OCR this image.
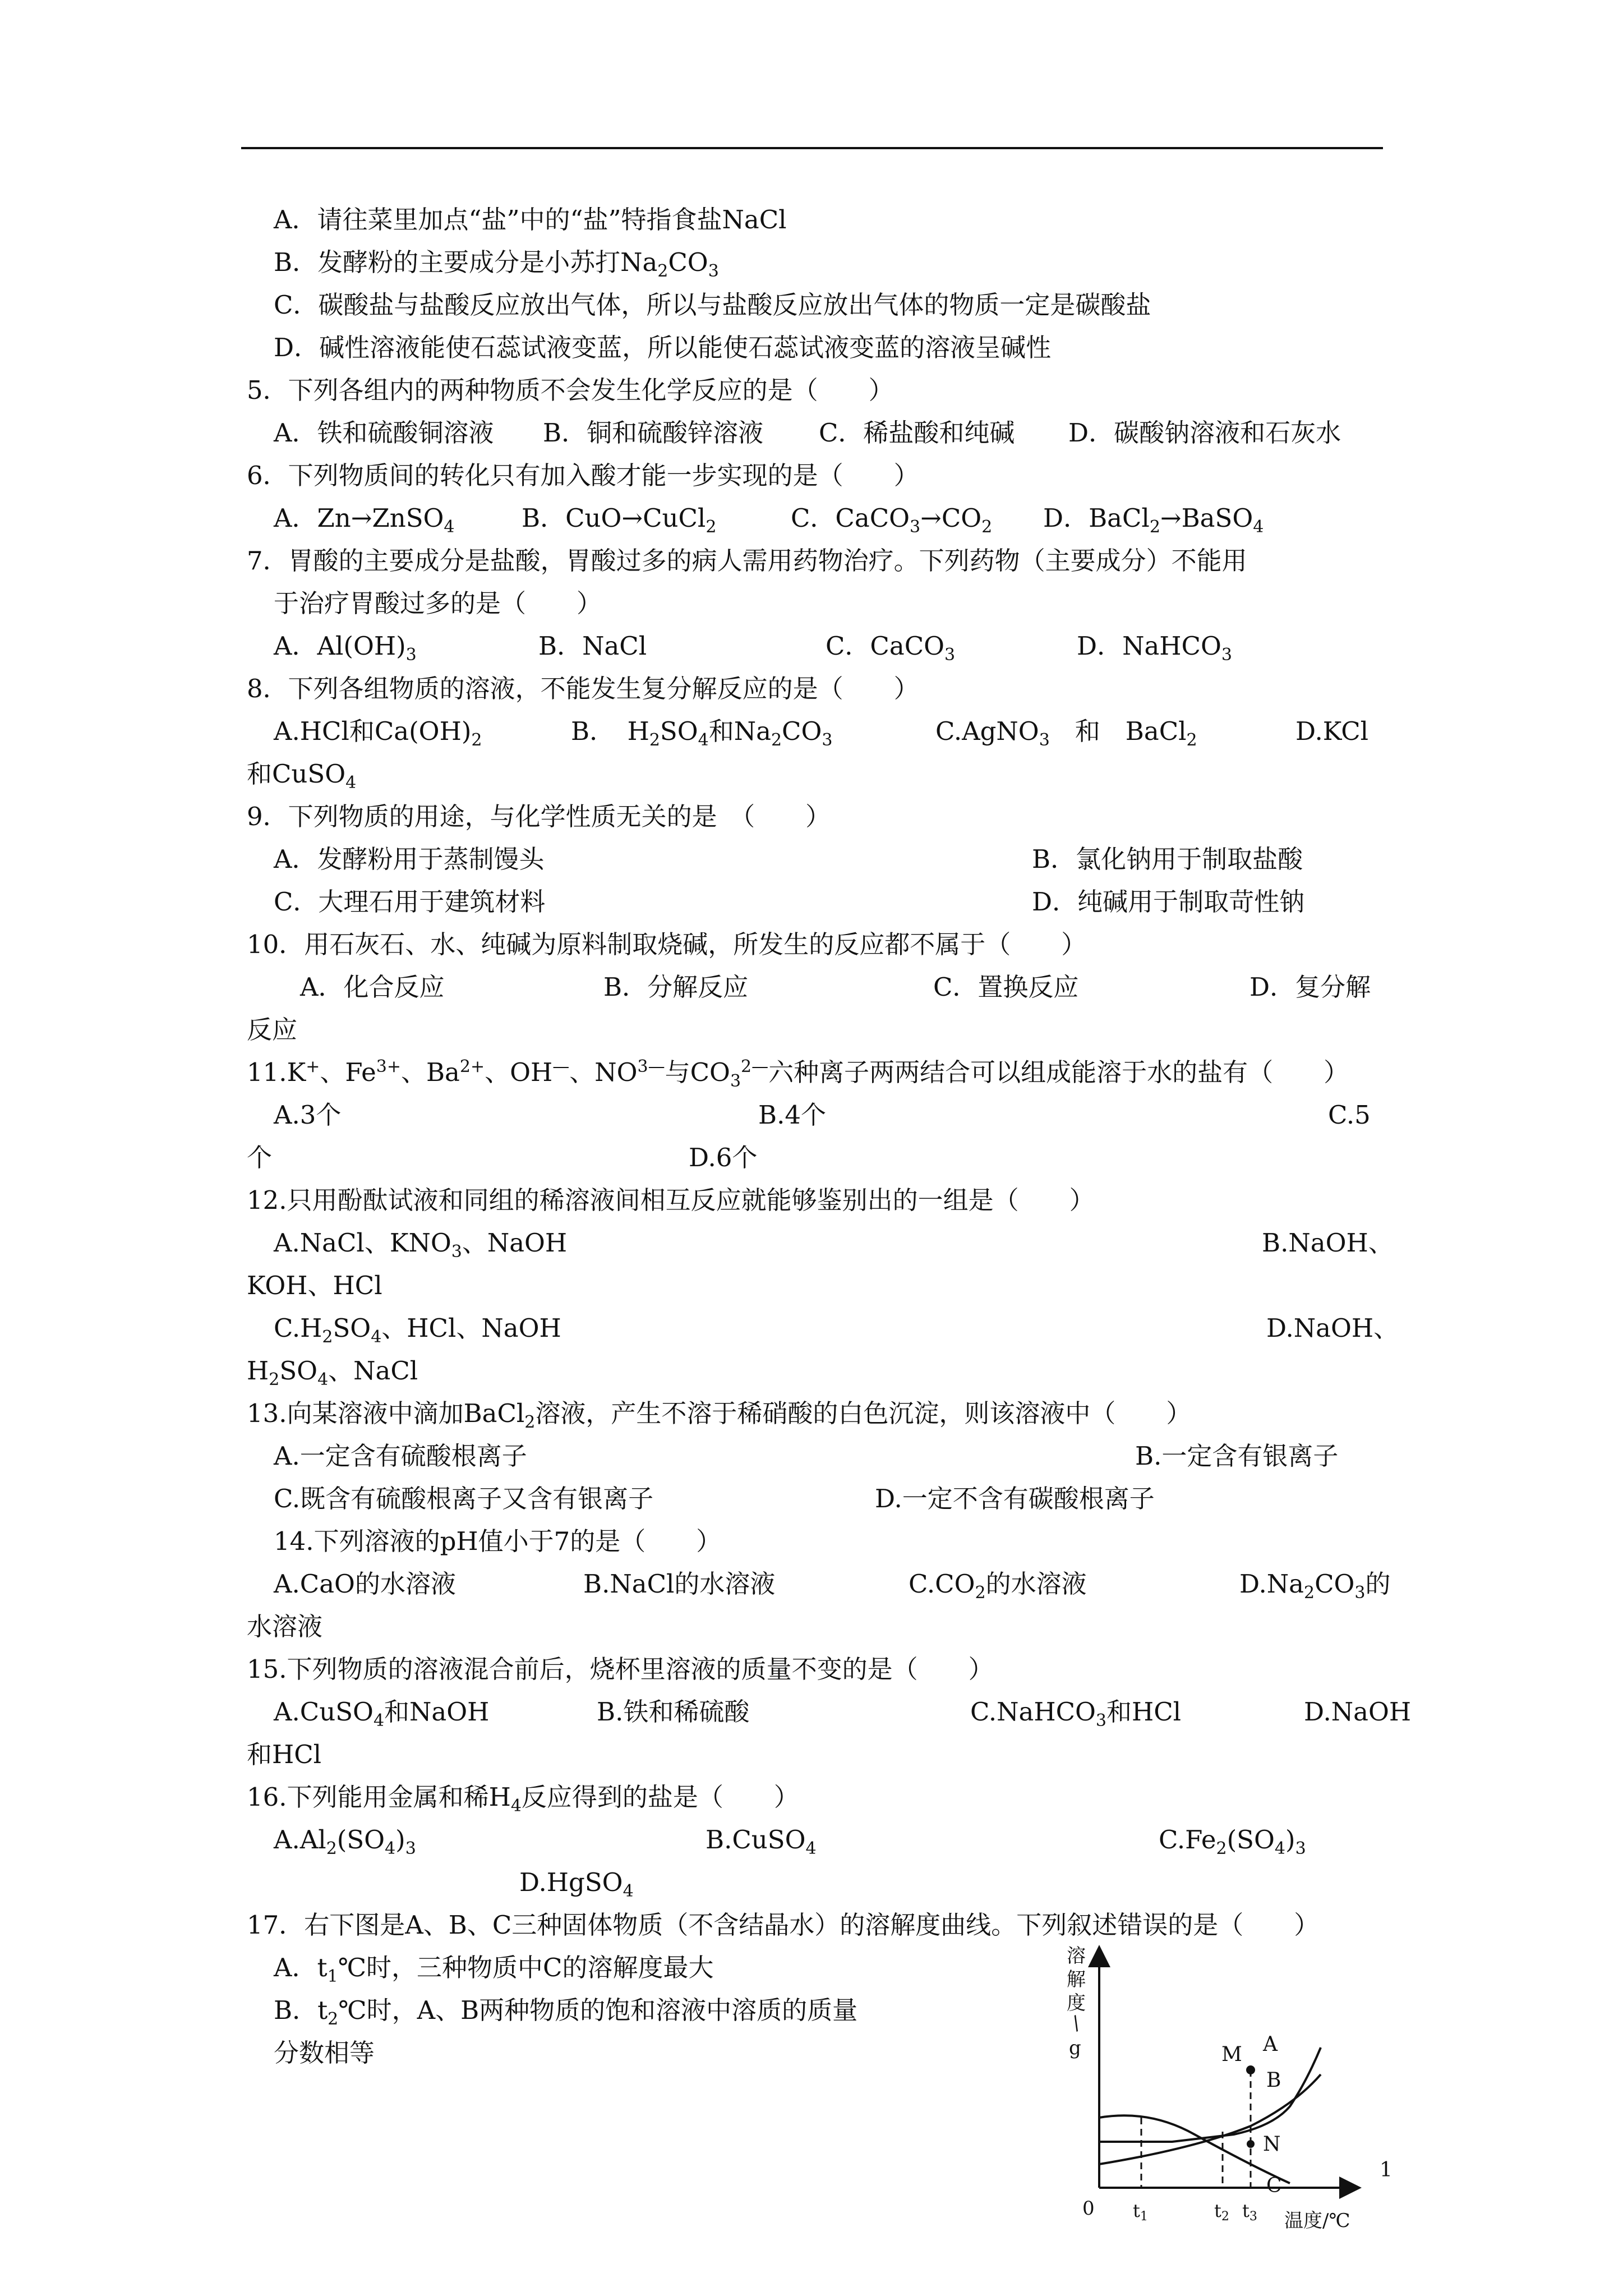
A．请往菜里加点“盐”中的“盐”特指食盐NaCl
B．发酵粉的主要成分是小苏打$Na_2CO_3$
C．碳酸盐与盐酸反应放出气体，所以与盐酸反应放出气体的物质一定是碳酸盐
D．碱性溶液能使石蕊试液变蓝，所以能使石蕊试液变蓝的溶液呈碱性
5．下列各组内的两种物质不会发生化学反应的是（　　）
A．铁和硫酸铜溶液 B．铜和硫酸锌溶液 C．稀盐酸和纯碱 D．碳酸钠溶液和石灰水
6．下列物质间的转化只有加入酸才能一步实现的是（　　）
A．Zn→ZnSO$_4$	B．CuO→CuCl$_2$	C．$CaCO_3\to CO_2$ D．BaCl$_2$→BaSO$_4$
7．胃酸的主要成分是盐酸，胃酸过多的病人需用药物治疗。下列药物（主要成分）不能用
于治疗胃酸过多的是（　　）
A．$Al(OH)_3$	B．NaCl	C．CaCO$_3$	D．NaHCO$_3$
8．下列各组物质的溶液，不能发生复分解反应的是（　　）
A.HCl和$Ca(OH)_2$	B．　$H_2SO_4$和$Na_2CO_3$	C.AgNO$_3$　和　BaCl$_2$	D.KCl
和CuSO$_4$
9．下列物质的用途，与化学性质无关的是　（　　）
A．发酵粉用于蒸制馒头	B．氯化钠用于制取盐酸
C．大理石用于建筑材料	D．纯碱用于制取苛性钠
10．用石灰石、水、纯碱为原料制取烧碱，所发生的反应都不属于（　　）
A．化合反应	B．分解反应	C．置换反应	D．复分解
反应
11.K+、$Fe^{3+}$、$Ba^{2+}$、OH—、$NO^{3—}$与$CO_3^{2—}$六种离子两两结合可以组成能溶于水的盐有（　　）
A.3个	B.4个	C.5
个	D.6个
12.只用酚酞试液和同组的稀溶液间相互反应就能够鉴别出的一组是（　　）
A.NaCl、$KNO_3$、NaOH	B.NaOH、
KOH、HCl
$C.H_2SO_4$、HCl、NaOH	D.NaOH、
$H_2SO_4$、NaCl
13.向某溶液中滴加BaCl$_2$溶液，产生不溶于稀硝酸的白色沉淀，则该溶液中（　　）
A.一定含有硫酸根离子	B.一定含有银离子
C.既含有硫酸根离子又含有银离子	D.一定不含有碳酸根离子
14.下列溶液的pH值小于7的是（　　）
A.CaO的水溶液	B.NaCl的水溶液	$C.CO_2$的水溶液	$D.Na_2CO_3$的
水溶液
15.下列物质的溶液混合前后，烧杯里溶液的质量不变的是（　　）
A.CuSO$_4$和NaOH	B.铁和稀硫酸	C.NaHCO$_3$和HCl	D.NaOH
和HCl
16.下列能用金属和稀$H_4$反应得到的盐是（　　）
$A.Al_2(SO_4)_3$	B.CuSO$_4$	$C.Fe_2(SO_4)_3$
D.HgSO$_4$
17．右下图是A、B、C三种固体物质（不含结晶水）的溶解度曲线。下列叙述错误的是（　　）
A．$t_1℃$时，三种物质中C的溶解度最大
B．$t_2℃$时，A、B两种物质的饱和溶液中溶质的质量
分数相等
溶
解
度
/
g	M
N
A
B
C
0 t1	t2 t3 温度/℃
1
